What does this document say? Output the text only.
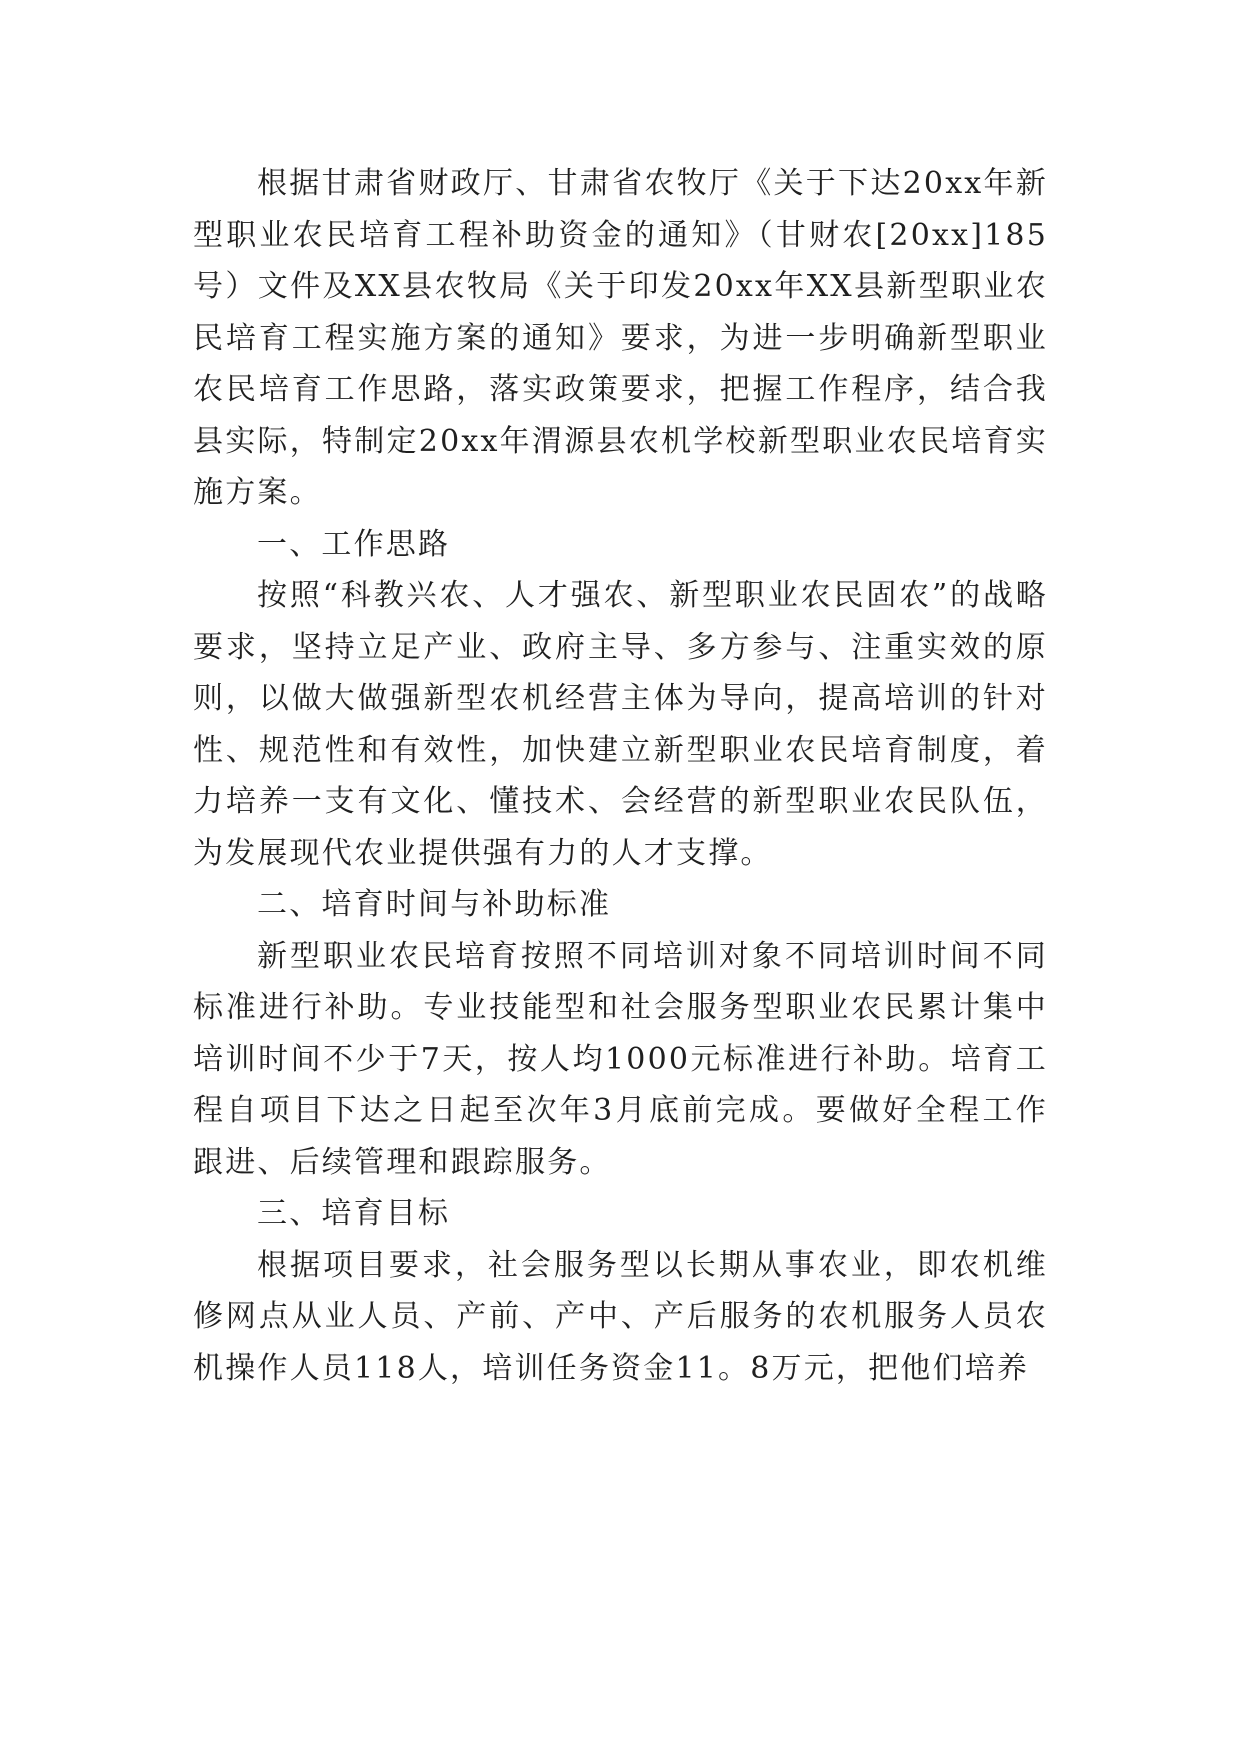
根据甘肃省财政厅、甘肃省农牧厅《关于下达20xx年新型职业农民培育工程补助资金的通知》（甘财农[20xx]185号）文件及XX县农牧局《关于印发20xx年XX县新型职业农民培育工程实施方案的通知》要求，为进一步明确新型职业农民培育工作思路，落实政策要求，把握工作程序，结合我县实际，特制定20xx年渭源县农机学校新型职业农民培育实施方案。

一、工作思路

按照“科教兴农、人才强农、新型职业农民固农”的战略要求，坚持立足产业、政府主导、多方参与、注重实效的原则，以做大做强新型农机经营主体为导向，提高培训的针对性、规范性和有效性，加快建立新型职业农民培育制度，着力培养一支有文化、懂技术、会经营的新型职业农民队伍，为发展现代农业提供强有力的人才支撑。

二、培育时间与补助标准

新型职业农民培育按照不同培训对象不同培训时间不同标准进行补助。专业技能型和社会服务型职业农民累计集中培训时间不少于7天，按人均1000元标准进行补助。培育工程自项目下达之日起至次年3月底前完成。要做好全程工作跟进、后续管理和跟踪服务。

三、培育目标

根据项目要求，社会服务型以长期从事农业，即农机维修网点从业人员、产前、产中、产后服务的农机服务人员农机操作人员118人，培训任务资金11。8万元，把他们培养
